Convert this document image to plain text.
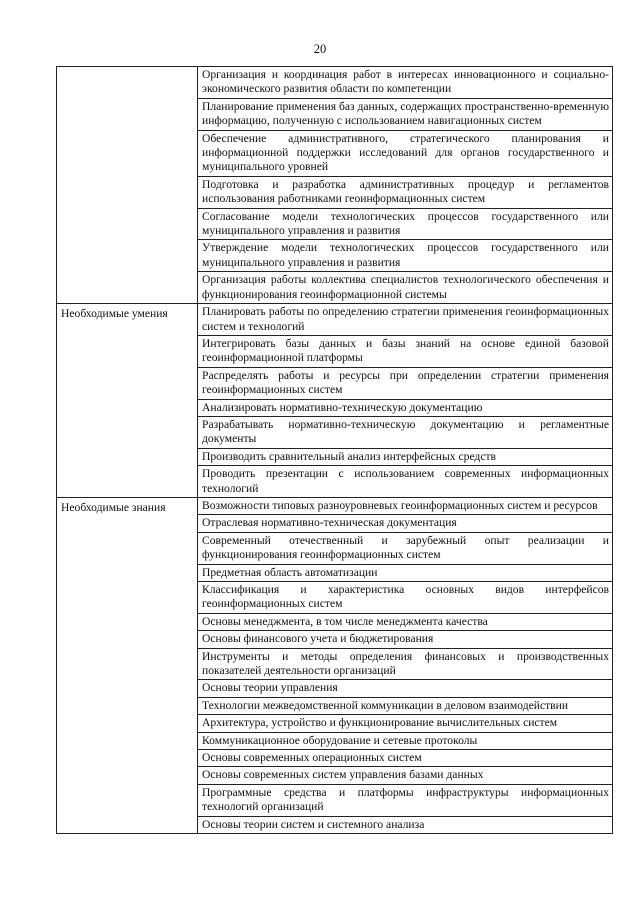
20
	Организация и координация работ в интересах инновационного и социально-экономического развития области по компетенции
	Планирование применения баз данных, содержащих пространственно-временную информацию, полученную с использованием навигационных систем
	Обеспечение административного, стратегического планирования и информационной поддержки исследований для органов государственного и муниципального уровней
	Подготовка и разработка административных процедур и регламентов использования работниками геоинформационных систем
	Согласование модели технологических процессов государственного или муниципального управления и развития
	Утверждение модели технологических процессов государственного или муниципального управления и развития
	Организация работы коллектива специалистов технологического обеспечения и функционирования геоинформационной системы
Необходимые умения	Планировать работы по определению стратегии применения геоинформационных систем и технологий
	Интегрировать базы данных и базы знаний на основе единой базовой геоинформационной платформы
	Распределять работы и ресурсы при определении стратегии применения геоинформационных систем
	Анализировать нормативно-техническую документацию
	Разрабатывать нормативно-техническую документацию и регламентные документы
	Производить сравнительный анализ интерфейсных средств
	Проводить презентации с использованием современных информационных технологий
Необходимые знания	Возможности типовых разноуровневых геоинформационных систем и ресурсов
	Отраслевая нормативно-техническая документация
	Современный отечественный и зарубежный опыт реализации и функционирования геоинформационных систем
	Предметная область автоматизации
	Классификация и характеристика основных видов интерфейсов геоинформационных систем
	Основы менеджмента, в том числе менеджмента качества
	Основы финансового учета и бюджетирования
	Инструменты и методы определения финансовых и производственных показателей деятельности организаций
	Основы теории управления
	Технологии межведомственной коммуникации в деловом взаимодействии
	Архитектура, устройство и функционирование вычислительных систем
	Коммуникационное оборудование и сетевые протоколы
	Основы современных операционных систем
	Основы современных систем управления базами данных
	Программные средства и платформы инфраструктуры информационных технологий организаций
	Основы теории систем и системного анализа
